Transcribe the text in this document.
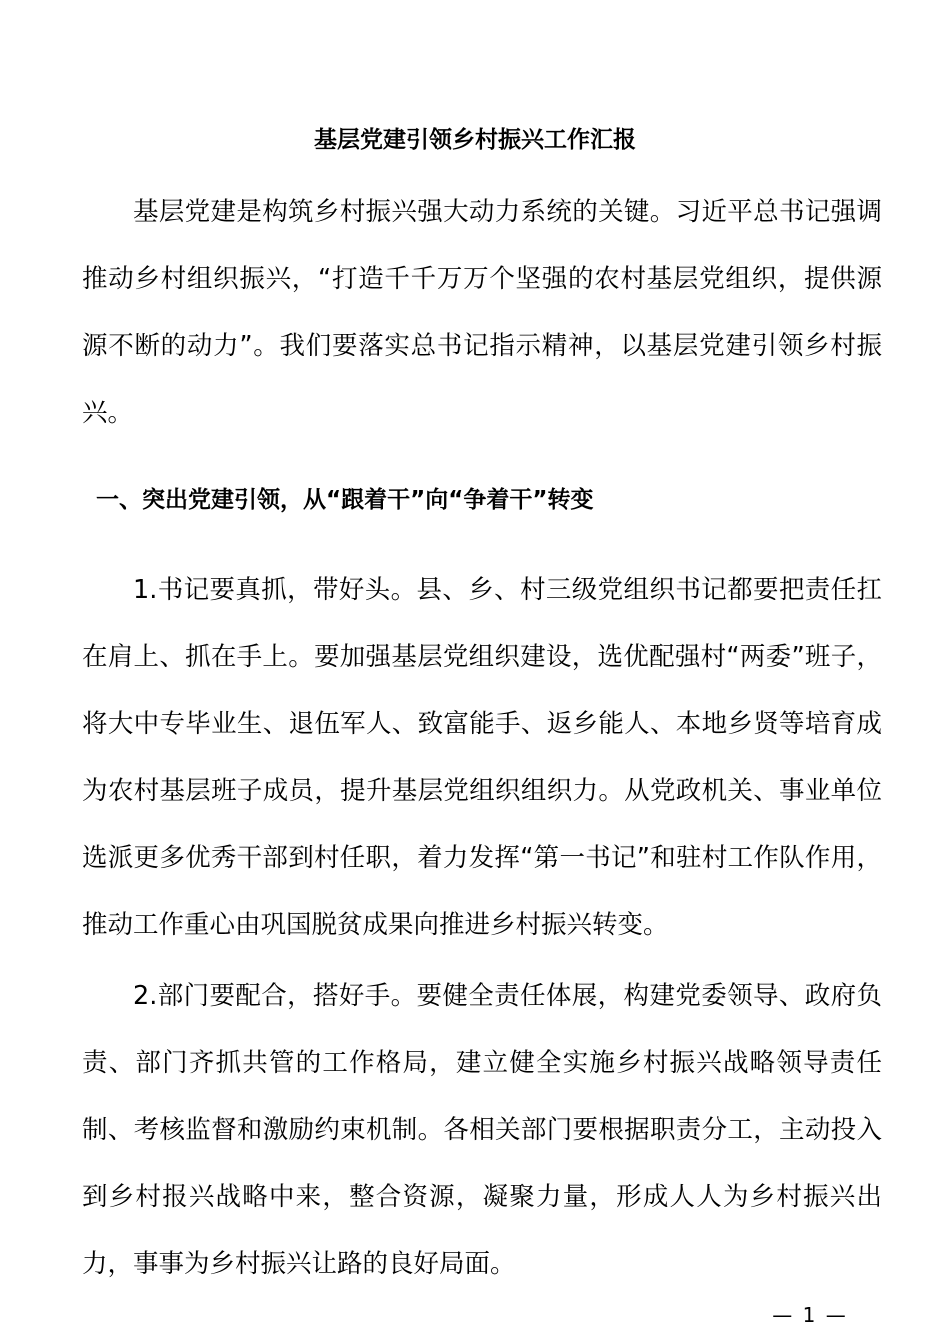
基层党建引领乡村振兴工作汇报

基层党建是构筑乡村振兴强大动力系统的关键。习近平总书记强调推动乡村组织振兴，“打造千千万万个坚强的农村基层党组织，提供源源不断的动力”。我们要落实总书记指示精神，以基层党建引领乡村振兴。

一、突出党建引领，从“跟着干”向“争着干”转变

1.书记要真抓，带好头。县、乡、村三级党组织书记都要把责任扛在肩上、抓在手上。要加强基层党组织建设，选优配强村“两委”班子，将大中专毕业生、退伍军人、致富能手、返乡能人、本地乡贤等培育成为农村基层班子成员，提升基层党组织组织力。从党政机关、事业单位选派更多优秀干部到村任职，着力发挥“第一书记”和驻村工作队作用，推动工作重心由巩国脱贫成果向推进乡村振兴转变。

2.部门要配合，搭好手。要健全责任体展，构建党委领导、政府负责、部门齐抓共管的工作格局，建立健全实施乡村振兴战略领导责任制、考核监督和激励约束机制。各相关部门要根据职责分工，主动投入到乡村报兴战略中来，整合资源，凝聚力量，形成人人为乡村振兴出力，事事为乡村振兴让路的良好局面。

— 1 —
